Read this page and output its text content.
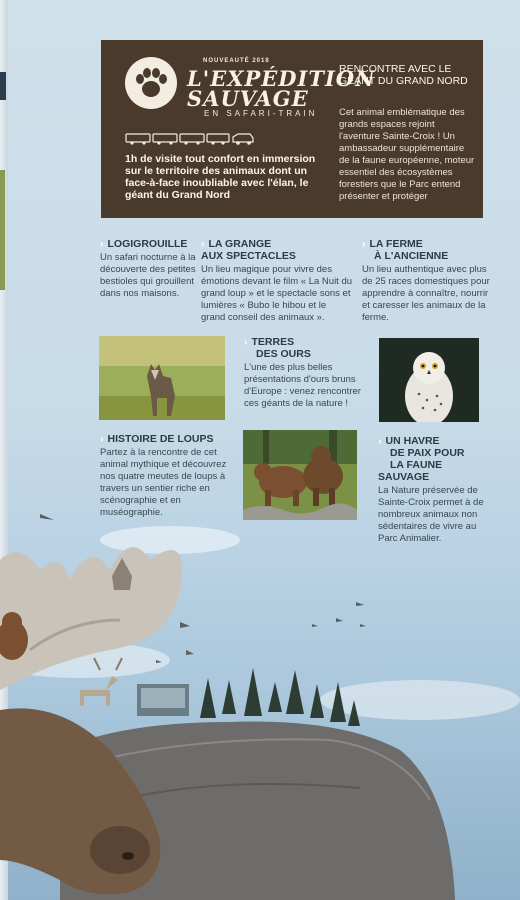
NOUVEAUTÉ 2018
L'EXPÉDITION
SAUVAGE
EN SAFARI-TRAIN
1h de visite tout confort en immersion sur le territoire des animaux dont un face-à-face inoubliable avec l'élan, le géant du Grand Nord
RENCONTRE AVEC LE GÉANT DU GRAND NORD
Cet animal emblématique des grands espaces rejoint l'aventure Sainte-Croix ! Un ambassadeur supplémentaire de la faune européenne, moteur essentiel des écosystèmes forestiers que le Parc entend présenter et protéger
› LOGIGROUILLE
Un safari nocturne à la découverte des petites bestioles qui grouillent dans nos maisons.
› LA GRANGE
AUX SPECTACLES
Un lieu magique pour vivre des émotions devant le film « La Nuit du grand loup » et le spectacle sons et lumières « Bubo le hibou et le grand conseil des animaux ».
› LA FERME
À L'ANCIENNE
Un lieu authentique avec plus de 25 races domestiques pour apprendre à connaître, nourrir et caresser les animaux de la ferme.
› TERRES
DES OURS
L'une des plus belles présentations d'ours bruns d'Europe : venez rencontrer ces géants de la nature !
› HISTOIRE DE LOUPS
Partez à la rencontre de cet animal mythique et découvrez nos quatre meutes de loups à travers un sentier riche en scénographie et en muséographie.
› UN HAVRE
DE PAIX POUR
LA FAUNE SAUVAGE
La Nature préservée de Sainte-Croix permet à de nombreux animaux non sédentaires de vivre au Parc Animalier.
